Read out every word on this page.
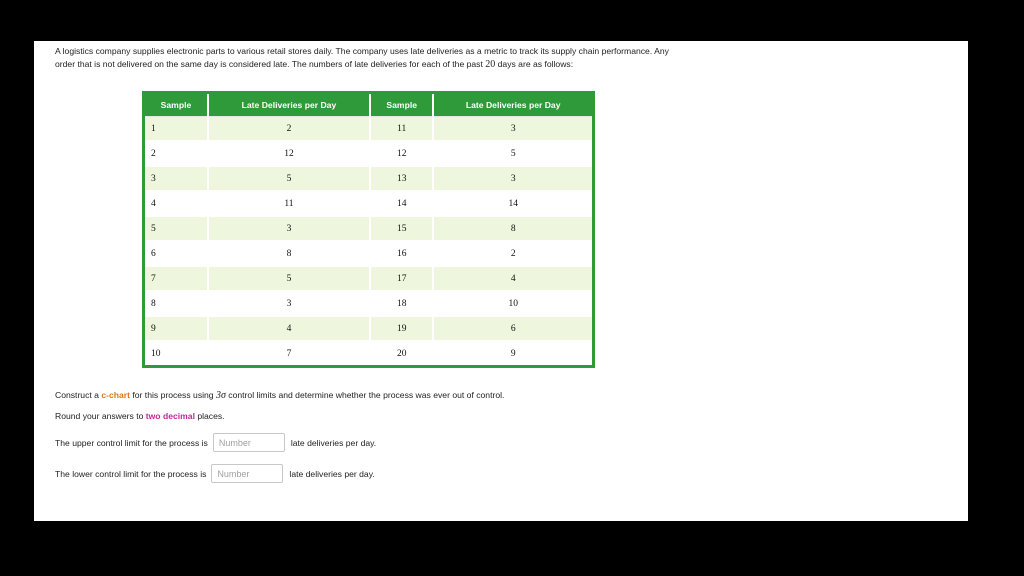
A logistics company supplies electronic parts to various retail stores daily. The company uses late deliveries as a metric to track its supply chain performance. Any order that is not delivered on the same day is considered late. The numbers of late deliveries for each of the past 20 days are as follows:

Sample	Late Deliveries per Day	Sample	Late Deliveries per Day
1	2	11	3
2	12	12	5
3	5	13	3
4	11	14	14
5	3	15	8
6	8	16	2
7	5	17	4
8	3	18	10
9	4	19	6
10	7	20	9

Construct a c-chart for this process using 3σ control limits and determine whether the process was ever out of control.

Round your answers to two decimal places.

The upper control limit for the process is
Number	late deliveries per day.
The lower control limit for the process is
Number	late deliveries per day.
